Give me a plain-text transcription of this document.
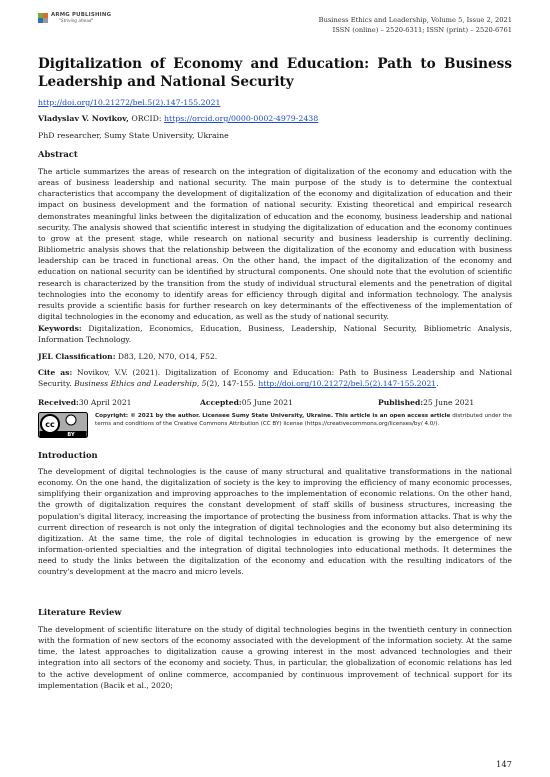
ARMG PUBLISHING
"Striving ahead"	Business Ethics and Leadership, Volume 5, Issue 2, 2021
ISSN (online) – 2520-6311; ISSN (print) – 2520-6761
Digitalization of Economy and Education: Path to Business Leadership and National Security
http://doi.org/10.21272/bel.5(2).147-155.2021
Vladyslav V. Novikov, ORCID: https://orcid.org/0000-0002-4979-2438
PhD researcher, Sumy State University, Ukraine
Abstract

The article summarizes the areas of research on the integration of digitalization of the economy and education with the areas of business leadership and national security. The main purpose of the study is to determine the contextual characteristics that accompany the development of digitalization of the economy and digitalization of education and their impact on business development and the formation of national security. Existing theoretical and empirical research demonstrates meaningful links between the digitalization of education and the economy, business leadership and national security. The analysis showed that scientific interest in studying the digitalization of education and the economy continues to grow at the present stage, while research on national security and business leadership is currently declining. Bibliometric analysis shows that the relationship between the digitalization of the economy and education with business leadership can be traced in functional areas. On the other hand, the impact of the digitalization of the economy and education on national security can be identified by structural components. One should note that the evolution of scientific research is characterized by the transition from the study of individual structural elements and the penetration of digital technologies into the economy to identify areas for efficiency through digital and information technology. The analysis results provide a scientific basis for further research on key determinants of the effectiveness of the implementation of digital technologies in the economy and education, as well as the study of national security.

Keywords: Digitalization, Economics, Education, Business, Leadership, National Security, Bibliometric Analysis, Information Technology.
JEL Classification: D83, L20, N70, O14, F52.
Cite as: Novikov, V.V. (2021). Digitalization of Economy and Education: Path to Business Leadership and National Security. Business Ethics and Leadership, 5(2), 147-155. http://doi.org/10.21272/bel.5(2).147-155.2021.
Received: 30 April 2021	Accepted: 05 June 2021	Published: 25 June 2021
cc
BY
Copyright: © 2021 by the author. Licensee Sumy State University, Ukraine. This article is an open access article distributed under the terms and conditions of the Creative Commons Attribution (CC BY) license (https://creativecommons.org/licenses/by/ 4.0/).
Introduction

The development of digital technologies is the cause of many structural and qualitative transformations in the national economy. On the one hand, the digitalization of society is the key to improving the efficiency of many economic processes, simplifying their organization and improving approaches to the implementation of economic relations. On the other hand, the growth of digitalization requires the constant development of staff skills of business structures, increasing the population's digital literacy, increasing the importance of protecting the business from information attacks. That is why the current direction of research is not only the integration of digital technologies and the economy but also determining its digitization. At the same time, the role of digital technologies in education is growing by the emergence of new information-oriented specialties and the integration of digital technologies into educational methods. It determines the need to study the links between the digitalization of the economy and education with the resulting indicators of the country's development at the macro and micro levels.

Literature Review

The development of scientific literature on the study of digital technologies begins in the twentieth century in connection with the formation of new sectors of the economy associated with the development of the information society. At the same time, the latest approaches to digitalization cause a growing interest in the most advanced technologies and their integration into all sectors of the economy and society. Thus, in particular, the globalization of economic relations has led to the active development of online commerce, accompanied by continuous improvement of technical support for its implementation (Bacik et al., 2020;

147
